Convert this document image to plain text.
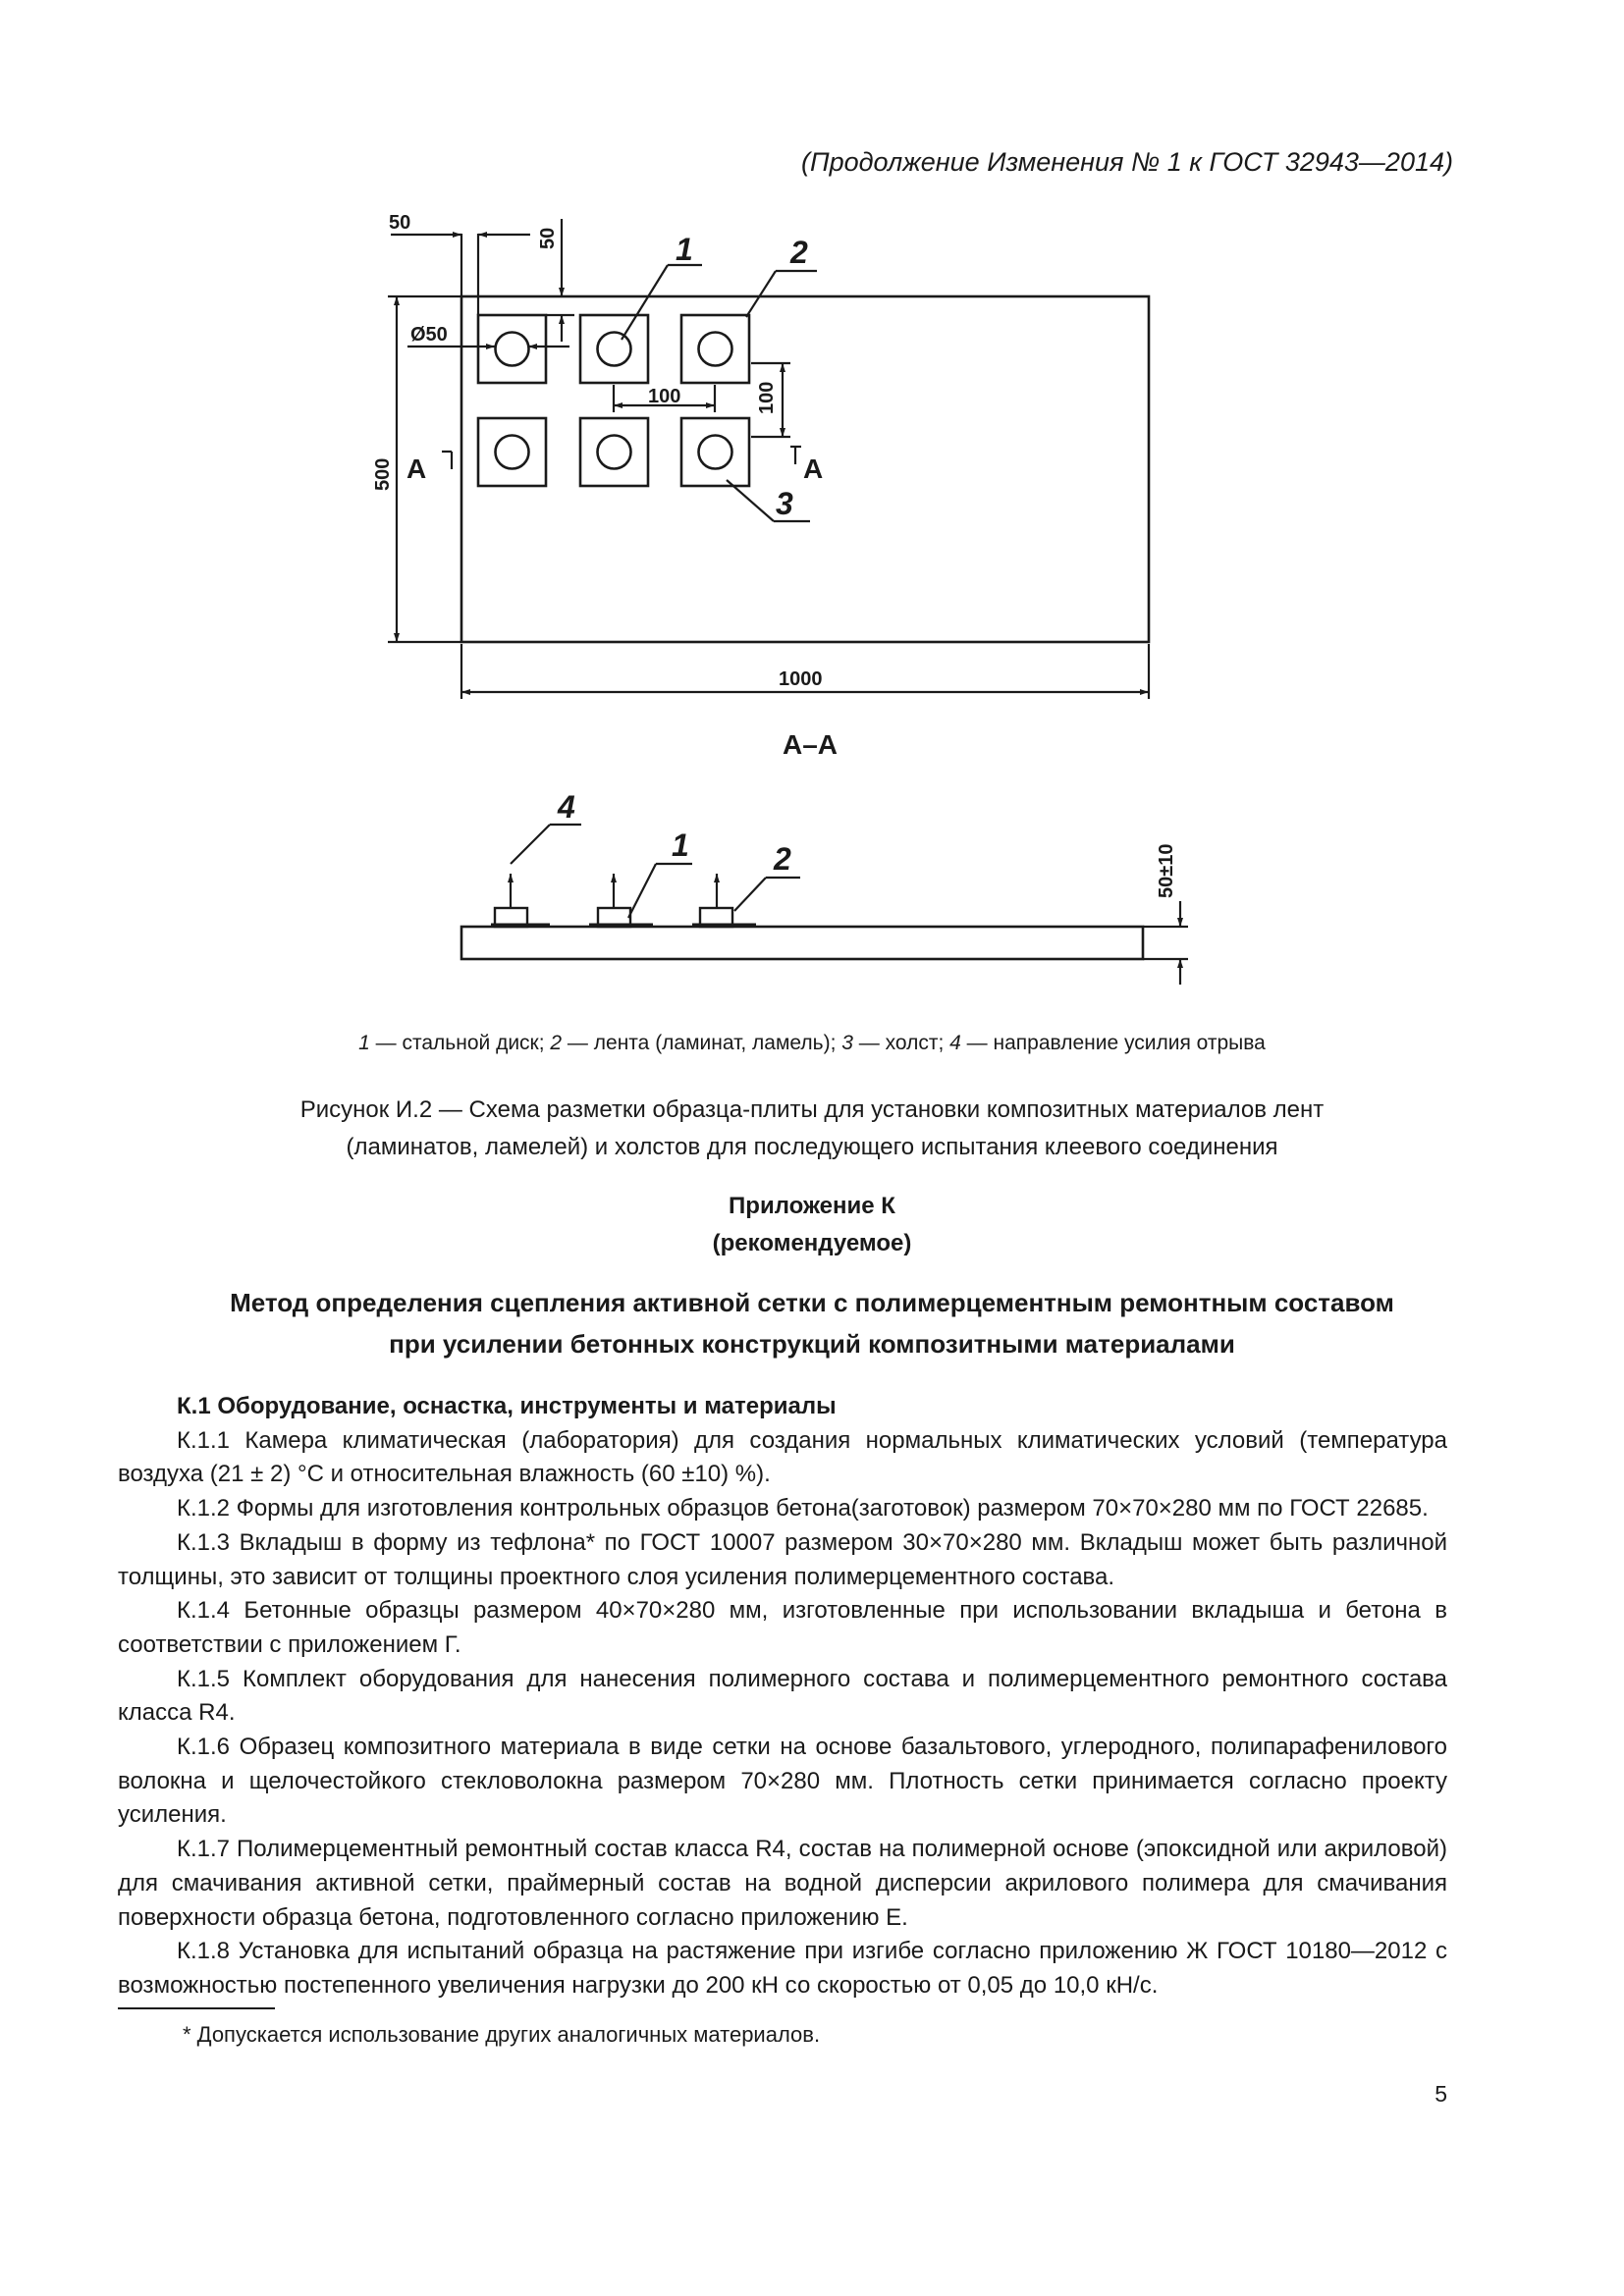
(Продолжение Изменения № 1 к ГОСТ 32943—2014)
50
50
Ø50
100	100
500
1000
50±10
1	2
3
4
1	2
A	A
А–А
1 — стальной диск; 2 — лента (ламинат, ламель); 3 — холст; 4 — направление усилия отрыва
Рисунок И.2 — Схема разметки образца-плиты для установки композитных материалов лент
(ламинатов, ламелей) и холстов для последующего испытания клеевого соединения
Приложение К
(рекомендуемое)
Метод определения сцепления активной сетки с полимерцементным ремонтным составом
при усилении бетонных конструкций композитными материалами

К.1 Оборудование, оснастка, инструменты и материалы

К.1.1 Камера климатическая (лаборатория) для создания нормальных климатических условий (температура воздуха (21 ± 2) °С и относительная влажность (60 ±10) %).

К.1.2 Формы для изготовления контрольных образцов бетона(заготовок) размером 70×70×280 мм по ГОСТ 22685.

К.1.3 Вкладыш в форму из тефлона* по ГОСТ 10007 размером 30×70×280 мм. Вкладыш может быть различной толщины, это зависит от толщины проектного слоя усиления полимерцементного состава.

К.1.4 Бетонные образцы размером 40×70×280 мм, изготовленные при использовании вкладыша и бетона в соответствии с приложением Г.

К.1.5 Комплект оборудования для нанесения полимерного состава и полимерцементного ремонтного состава класса R4.

К.1.6 Образец композитного материала в виде сетки на основе базальтового, углеродного, полипарафенилового волокна и щелочестойкого стекловолокна размером 70×280 мм. Плотность сетки принимается согласно проекту усиления.

К.1.7 Полимерцементный ремонтный состав класса R4, состав на полимерной основе (эпоксидной или акриловой) для смачивания активной сетки, праймерный состав на водной дисперсии акрилового полимера для смачивания поверхности образца бетона, подготовленного согласно приложению Е.

К.1.8 Установка для испытаний образца на растяжение при изгибе согласно приложению Ж ГОСТ 10180—2012 с возможностью постепенного увеличения нагрузки до 200 кН со скоростью от 0,05 до 10,0 кН/с.

* Допускается использование других аналогичных материалов.
5
